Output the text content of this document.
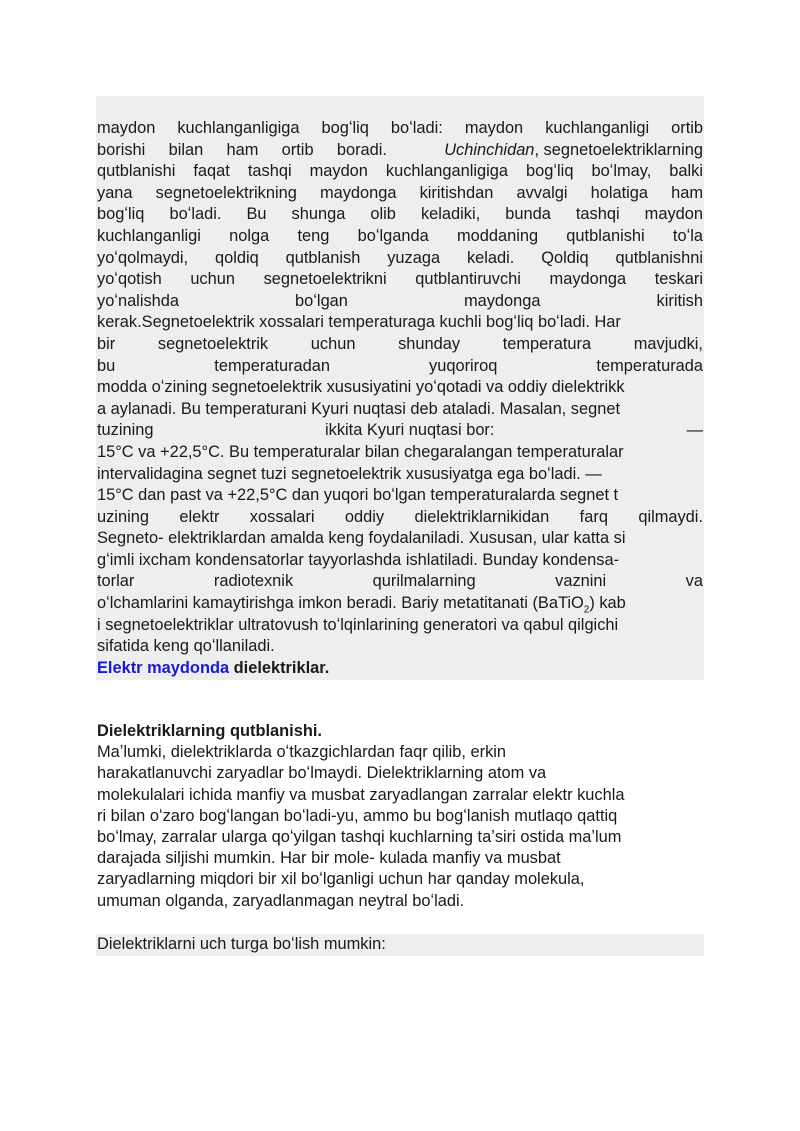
maydon kuchlanganligiga bogʻliq boʻladi: maydon kuchlanganligi ortib
borishi bilan ham ortib boradi.	Uchinchidan, segnetoelektriklarning
qutblanishi faqat tashqi maydon kuchlanganligiga bogʻliq boʻlmay, balki
yana segnetoelektrikning maydonga kiritishdan avvalgi holatiga ham
bogʻliq boʻladi. Bu shunga olib keladiki, bunda tashqi maydon
kuchlanganligi nolga teng boʻlganda moddaning qutblanishi toʻla
yoʻqolmaydi, qoldiq qutblanish yuzaga keladi. Qoldiq qutblanishni
yoʻqotish uchun segnetoelektrikni qutblantiruvchi maydonga teskari
yoʻnalishda boʻlgan maydonga kiritish
kerak.Segnetoelektrik xossalari temperaturaga kuchli bogʻliq boʻladi. Har
bir segnetoelektrik uchun shunday temperatura mavjudki,
bu temperaturadan yuqoriroq temperaturada
modda oʻzining segnetoelektrik xususiyatini yoʻqotadi va oddiy dielektrikk
a aylanadi. Bu temperaturani Kyuri nuqtasi deb ataladi. Masalan, segnet
tuzining	ikkita Kyuri nuqtasi bor:	—
15°C va +22,5°C. Bu temperaturalar bilan chegaralangan temperaturalar
intervalidagina segnet tuzi segnetoelektrik xususiyatga ega boʻladi. —
15°C dan past va +22,5°C dan yuqori boʻlgan temperaturalarda segnet t
uzining elektr xossalari oddiy dielektriklarnikidan farq qilmaydi.
Segneto- elektriklardan amalda keng foydalaniladi. Xususan, ular katta si
gʻimli ixcham kondensatorlar tayyorlashda ishlatiladi. Bunday kondensa-
torlar radiotexnik qurilmalarning vaznini va
oʻlchamlarini kamaytirishga imkon beradi. Bariy metatitanati (BaTiO$_2$) kab
i segnetoelektriklar ultratovush toʻlqinlarining generatori va qabul qilgichi
sifatida keng qoʻllaniladi.
Elektr maydonda dielektriklar.
Dielektriklarning qutblanishi.
Maʼlumki, dielektriklarda oʻtkazgichlardan faqr qilib, erkin
harakatlanuvchi zaryadlar boʻlmaydi. Dielektriklarning atom va
molekulalari ichida manfiy va musbat zaryadlangan zarralar elektr kuchla
ri bilan oʻzaro bogʻlangan boʻladi-yu, ammo bu bogʻlanish mutlaqo qattiq
boʻlmay, zarralar ularga qoʻyilgan tashqi kuchlarning taʼsiri ostida maʼlum
darajada siljishi mumkin. Har bir mole- kulada manfiy va musbat
zaryadlarning miqdori bir xil boʻlganligi uchun har qanday molekula,
umuman olganda, zaryadlanmagan neytral boʻladi.
Dielektriklarni uch turga boʻlish mumkin:
